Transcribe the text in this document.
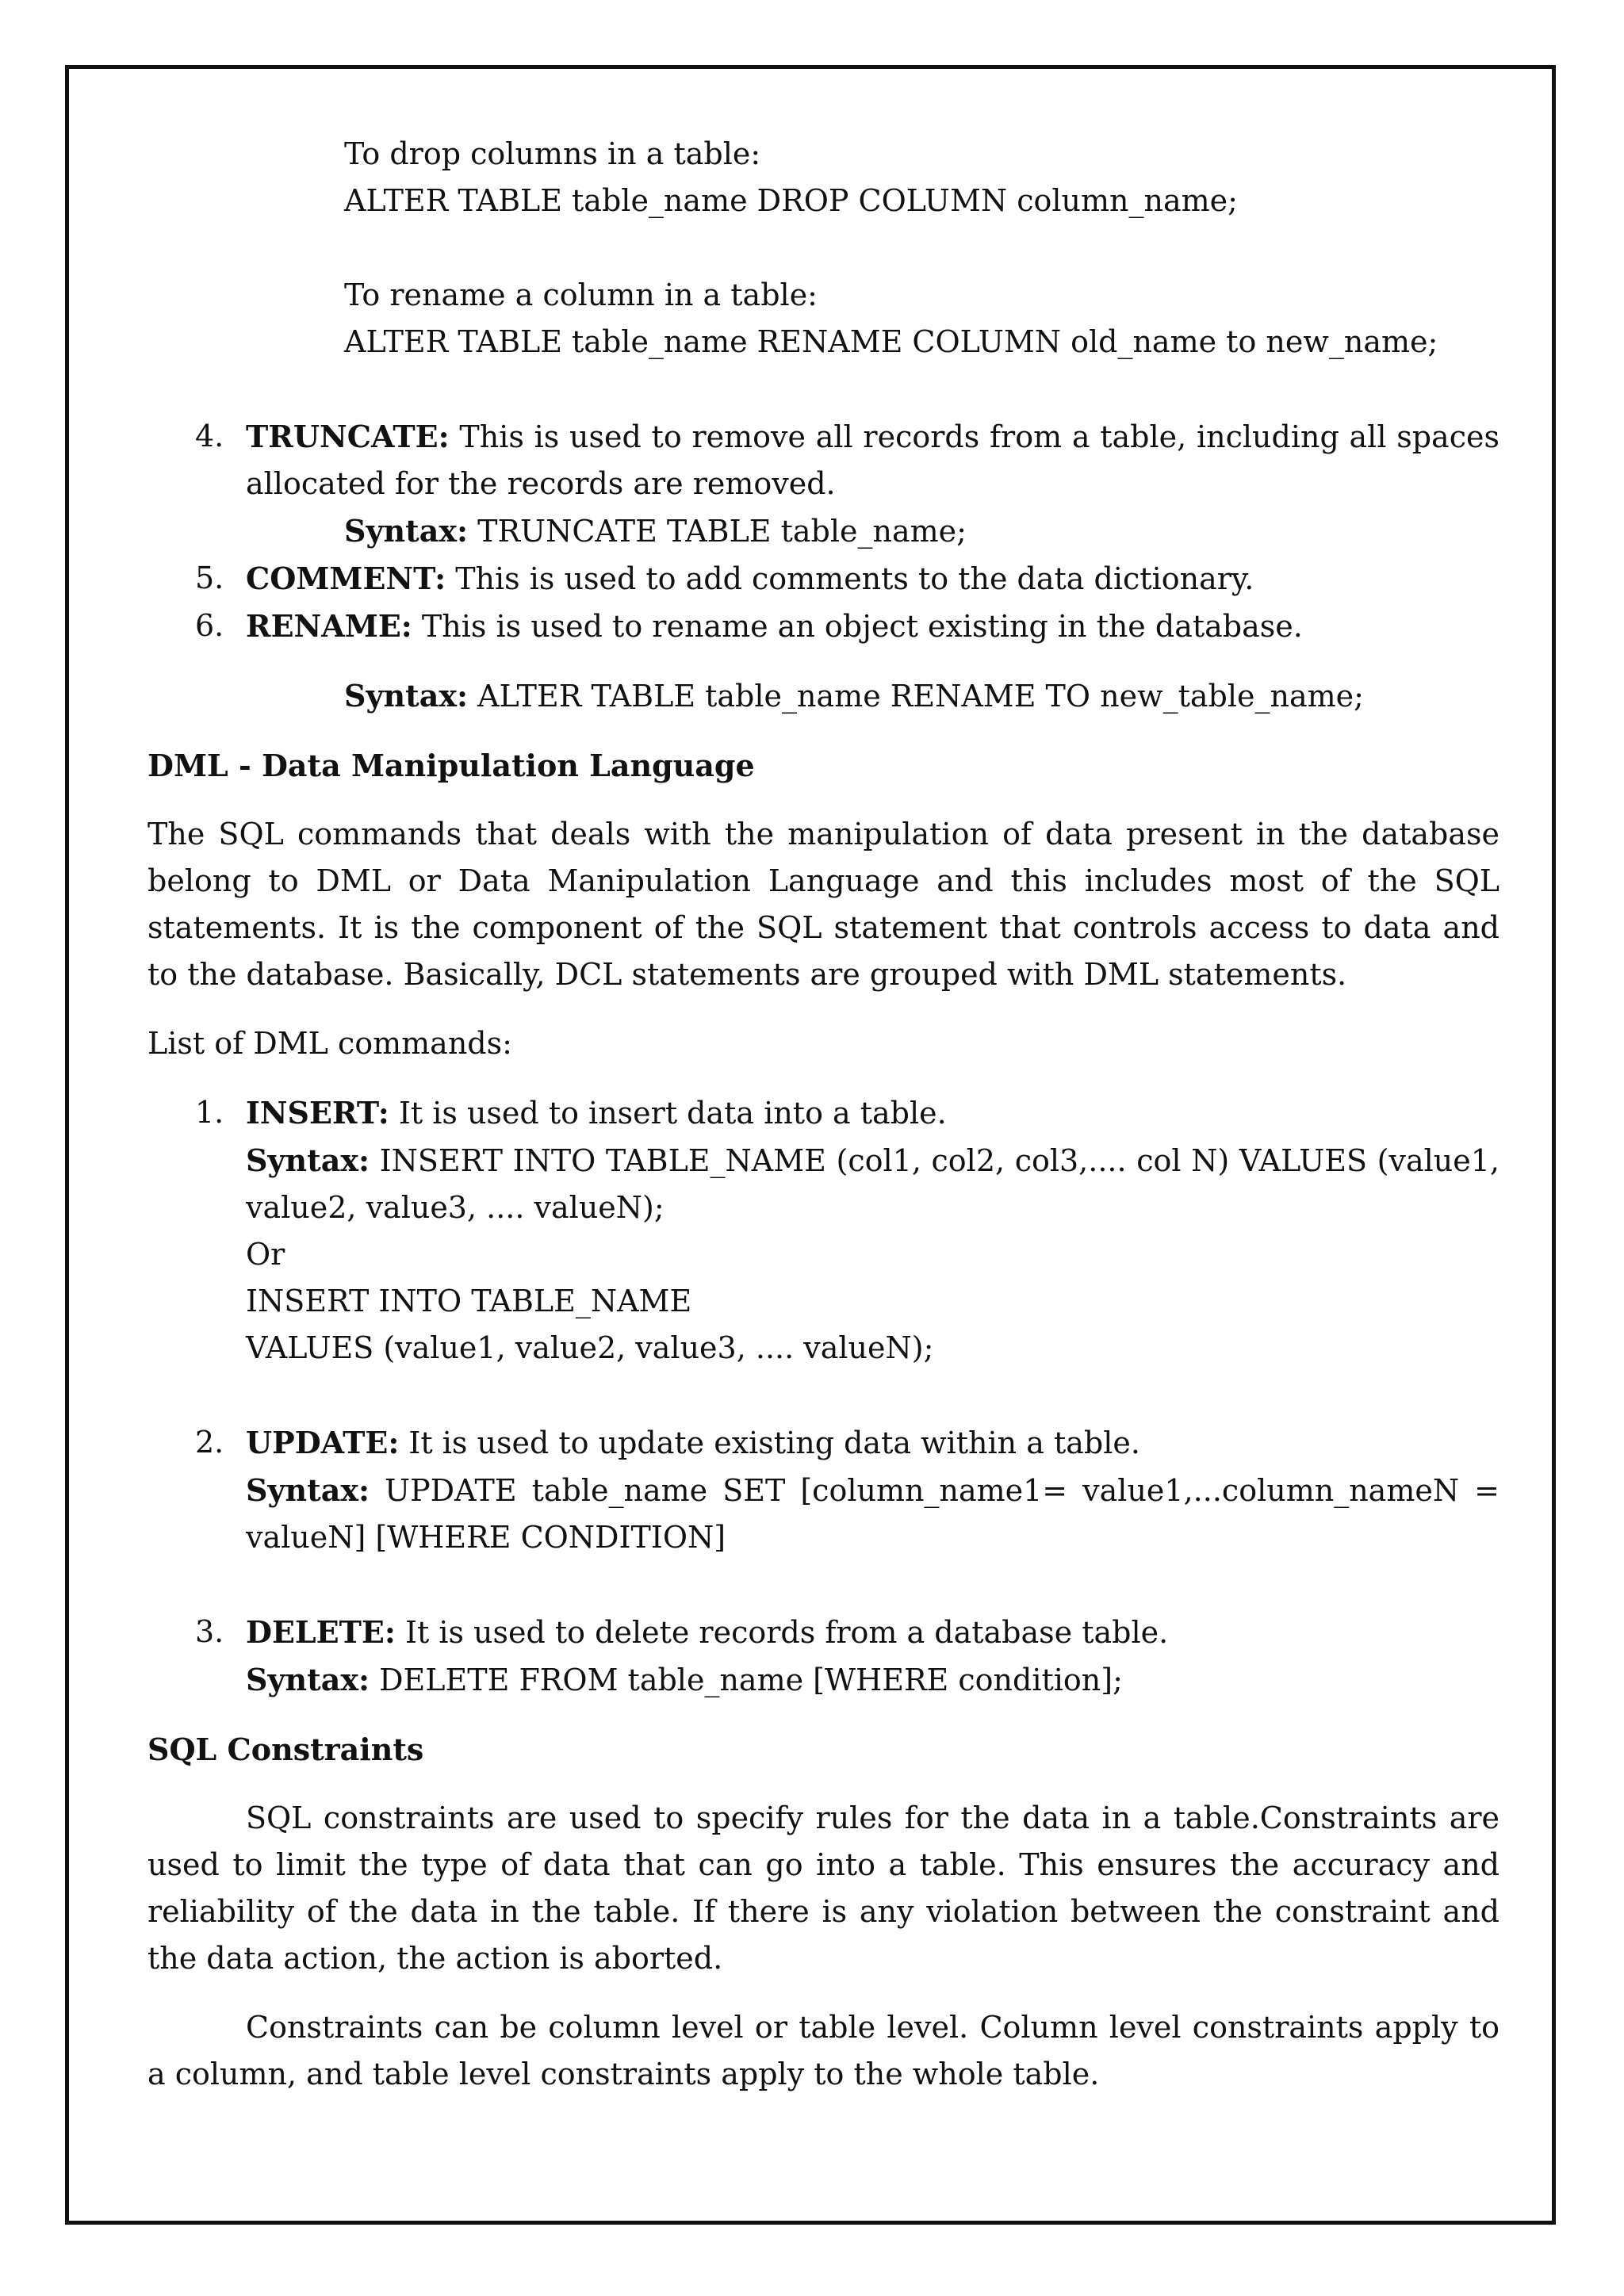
To drop columns in a table:

ALTER TABLE table_name DROP COLUMN column_name;

To rename a column in a table:

ALTER TABLE table_name RENAME COLUMN old_name to new_name;

4. TRUNCATE: This is used to remove all records from a table, including all spaces allocated for the records are removed.

Syntax: TRUNCATE TABLE table_name;

5. COMMENT: This is used to add comments to the data dictionary.

6. RENAME: This is used to rename an object existing in the database.

Syntax: ALTER TABLE table_name RENAME TO new_table_name;

DML - Data Manipulation Language

The SQL commands that deals with the manipulation of data present in the database belong to DML or Data Manipulation Language and this includes most of the SQL statements. It is the component of the SQL statement that controls access to data and to the database. Basically, DCL statements are grouped with DML statements.

List of DML commands:

1. INSERT: It is used to insert data into a table.

Syntax: INSERT INTO TABLE_NAME (col1, col2, col3,.... col N) VALUES (value1,

value2, value3, .... valueN);

Or

INSERT INTO TABLE_NAME

VALUES (value1, value2, value3, .... valueN);

2. UPDATE: It is used to update existing data within a table.

Syntax: UPDATE table_name SET [column_name1= value1,...column_nameN =

valueN] [WHERE CONDITION]

3. DELETE: It is used to delete records from a database table.

Syntax: DELETE FROM table_name [WHERE condition];

SQL Constraints

SQL constraints are used to specify rules for the data in a table.Constraints are used to limit the type of data that can go into a table. This ensures the accuracy and reliability of the data in the table. If there is any violation between the constraint and the data action, the action is aborted.

Constraints can be column level or table level. Column level constraints apply to a column, and table level constraints apply to the whole table.
